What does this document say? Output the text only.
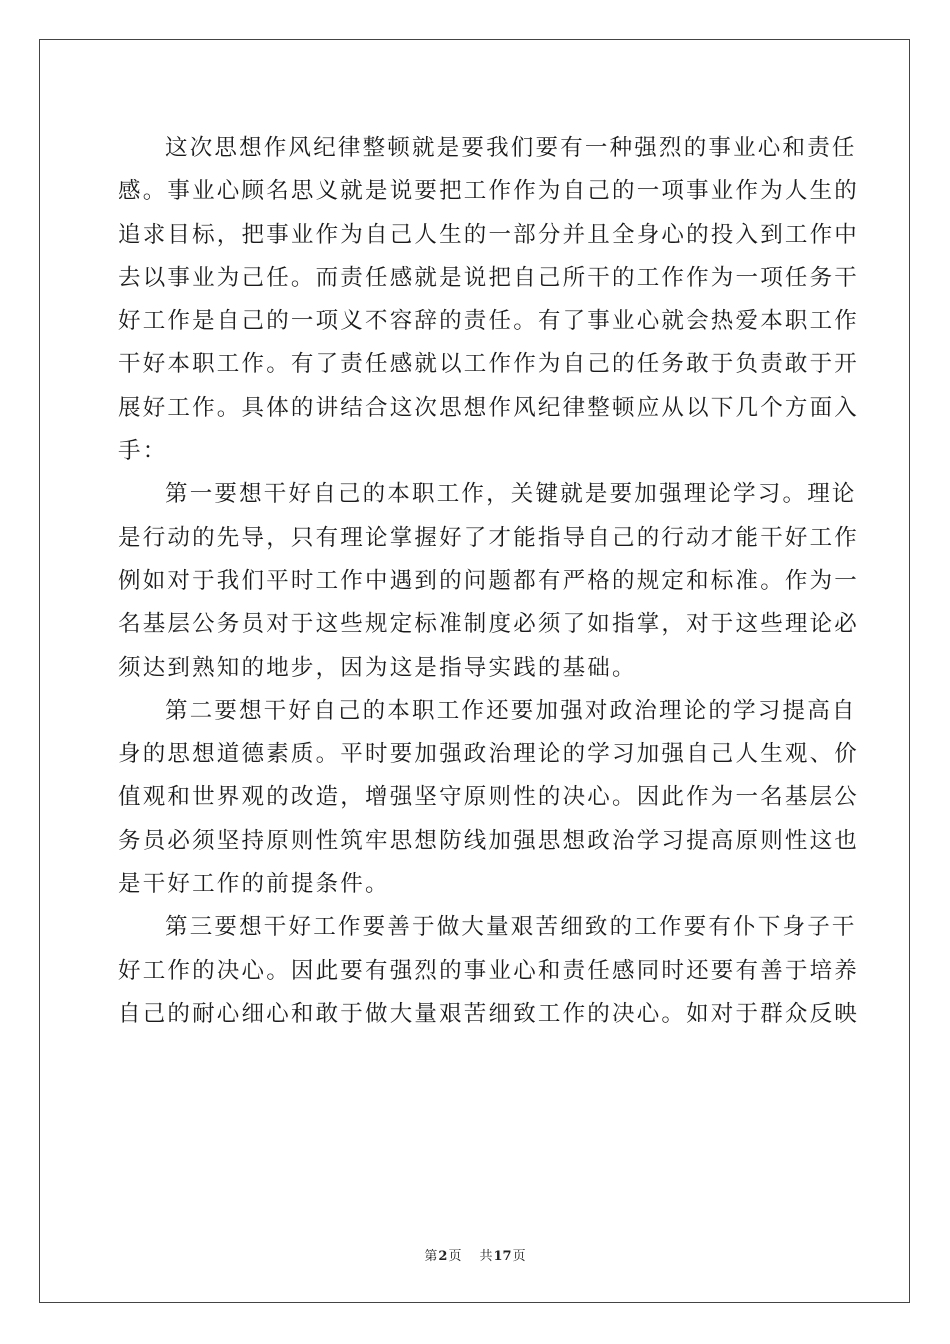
这次思想作风纪律整顿就是要我们要有一种强烈的事业心和责任
感。事业心顾名思义就是说要把工作作为自己的一项事业作为人生的
追求目标，把事业作为自己人生的一部分并且全身心的投入到工作中
去以事业为己任。而责任感就是说把自己所干的工作作为一项任务干
好工作是自己的一项义不容辞的责任。有了事业心就会热爱本职工作
干好本职工作。有了责任感就以工作作为自己的任务敢于负责敢于开
展好工作。具体的讲结合这次思想作风纪律整顿应从以下几个方面入
手：
第一要想干好自己的本职工作，关键就是要加强理论学习。理论
是行动的先导，只有理论掌握好了才能指导自己的行动才能干好工作
例如对于我们平时工作中遇到的问题都有严格的规定和标准。作为一
名基层公务员对于这些规定标准制度必须了如指掌，对于这些理论必
须达到熟知的地步，因为这是指导实践的基础。
第二要想干好自己的本职工作还要加强对政治理论的学习提高自
身的思想道德素质。平时要加强政治理论的学习加强自己人生观、价
值观和世界观的改造，增强坚守原则性的决心。因此作为一名基层公
务员必须坚持原则性筑牢思想防线加强思想政治学习提高原则性这也
是干好工作的前提条件。
第三要想干好工作要善于做大量艰苦细致的工作要有仆下身子干
好工作的决心。因此要有强烈的事业心和责任感同时还要有善于培养
自己的耐心细心和敢于做大量艰苦细致工作的决心。如对于群众反映
第2页 共17页
